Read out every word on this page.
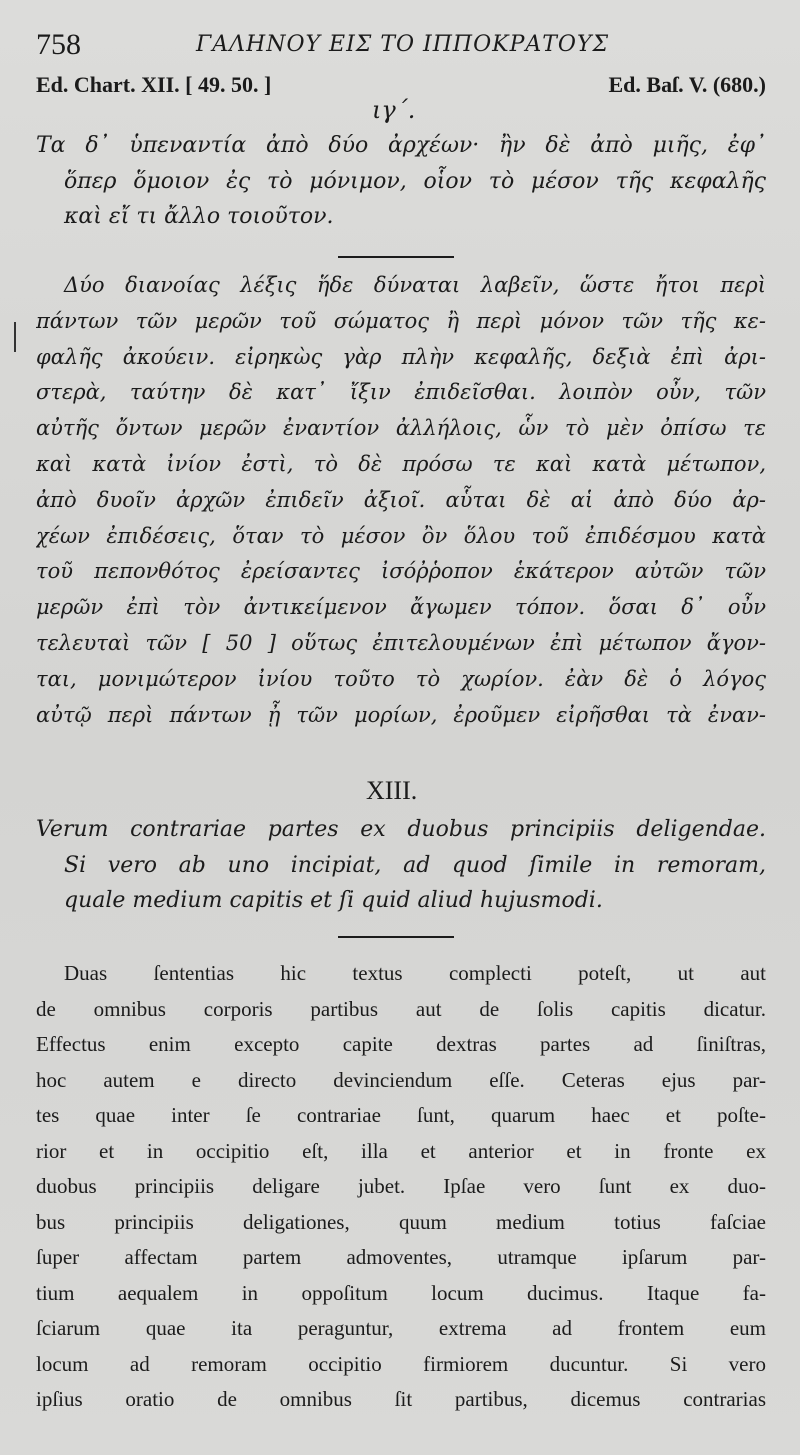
758	ΓΑΛΗΝΟΥ ΕΙΣ ΤΟ ΙΠΠΟΚΡΑΤΟΥΣ
Ed. Chart. XII. [ 49. 50. ]	Ed. Baſ. V. (680.)
ιγ΄.
Τα δ᾽ ὑπεναντία ἀπὸ δύο ἀρχέων· ἢν δὲ ἀπὸ μιῆς, ἐφ᾽
ὅπερ ὅμοιον ἐς τὸ μόνιμον, οἷον τὸ μέσον τῆς κεφαλῆς
καὶ εἴ τι ἄλλο τοιοῦτον.
Δύο διανοίας λέξις ἥδε δύναται λαβεῖν, ὥστε ἤτοι περὶ
πάντων τῶν μερῶν τοῦ σώματος ἢ περὶ μόνον τῶν τῆς κε-
φαλῆς ἀκούειν. εἰρηκὼς γὰρ πλὴν κεφαλῆς, δεξιὰ ἐπὶ ἀρι-
στερὰ, ταύτην δὲ κατ᾽ ἴξιν ἐπιδεῖσθαι. λοιπὸν οὖν, τῶν
αὐτῆς ὄντων μερῶν ἐναντίον ἀλλήλοις, ὧν τὸ μὲν ὀπίσω τε
καὶ κατὰ ἰνίον ἐστὶ, τὸ δὲ πρόσω τε καὶ κατὰ μέτωπον,
ἀπὸ δυοῖν ἀρχῶν ἐπιδεῖν ἀξιοῖ. αὗται δὲ αἱ ἀπὸ δύο ἀρ-
χέων ἐπιδέσεις, ὅταν τὸ μέσον ὂν ὅλου τοῦ ἐπιδέσμου κατὰ
τοῦ πεπονθότος ἐρείσαντες ἰσόῤῥοπον ἑκάτερον αὐτῶν τῶν
μερῶν ἐπὶ τὸν ἀντικείμενον ἄγωμεν τόπον. ὅσαι δ᾽ οὖν
τελευταὶ τῶν [ 50 ] οὕτως ἐπιτελουμένων ἐπὶ μέτωπον ἄγον-
ται, μονιμώτερον ἰνίου τοῦτο τὸ χωρίον. ἐὰν δὲ ὁ λόγος
αὐτῷ περὶ πάντων ᾖ τῶν μορίων, ἐροῦμεν εἰρῆσθαι τὰ ἐναν-
XIII.
Verum contrariae partes ex duobus principiis deligendae.
Si vero ab uno incipiat, ad quod ſimile in remoram,
quale medium capitis et ſi quid aliud hujusmodi.
Duas ſententias hic textus complecti poteſt, ut aut
de omnibus corporis partibus aut de ſolis capitis dicatur.
Effectus enim excepto capite dextras partes ad ſiniſtras,
hoc autem e directo devinciendum eſſe. Ceteras ejus par-
tes quae inter ſe contrariae ſunt, quarum haec et poſte-
rior et in occipitio eſt, illa et anterior et in fronte ex
duobus principiis deligare jubet. Ipſae vero ſunt ex duo-
bus principiis deligationes, quum medium totius faſciae
ſuper affectam partem admoventes, utramque ipſarum par-
tium aequalem in oppoſitum locum ducimus. Itaque fa-
ſciarum quae ita peraguntur, extrema ad frontem eum
locum ad remoram occipitio firmiorem ducuntur. Si vero
ipſius oratio de omnibus ſit partibus, dicemus contrarias
